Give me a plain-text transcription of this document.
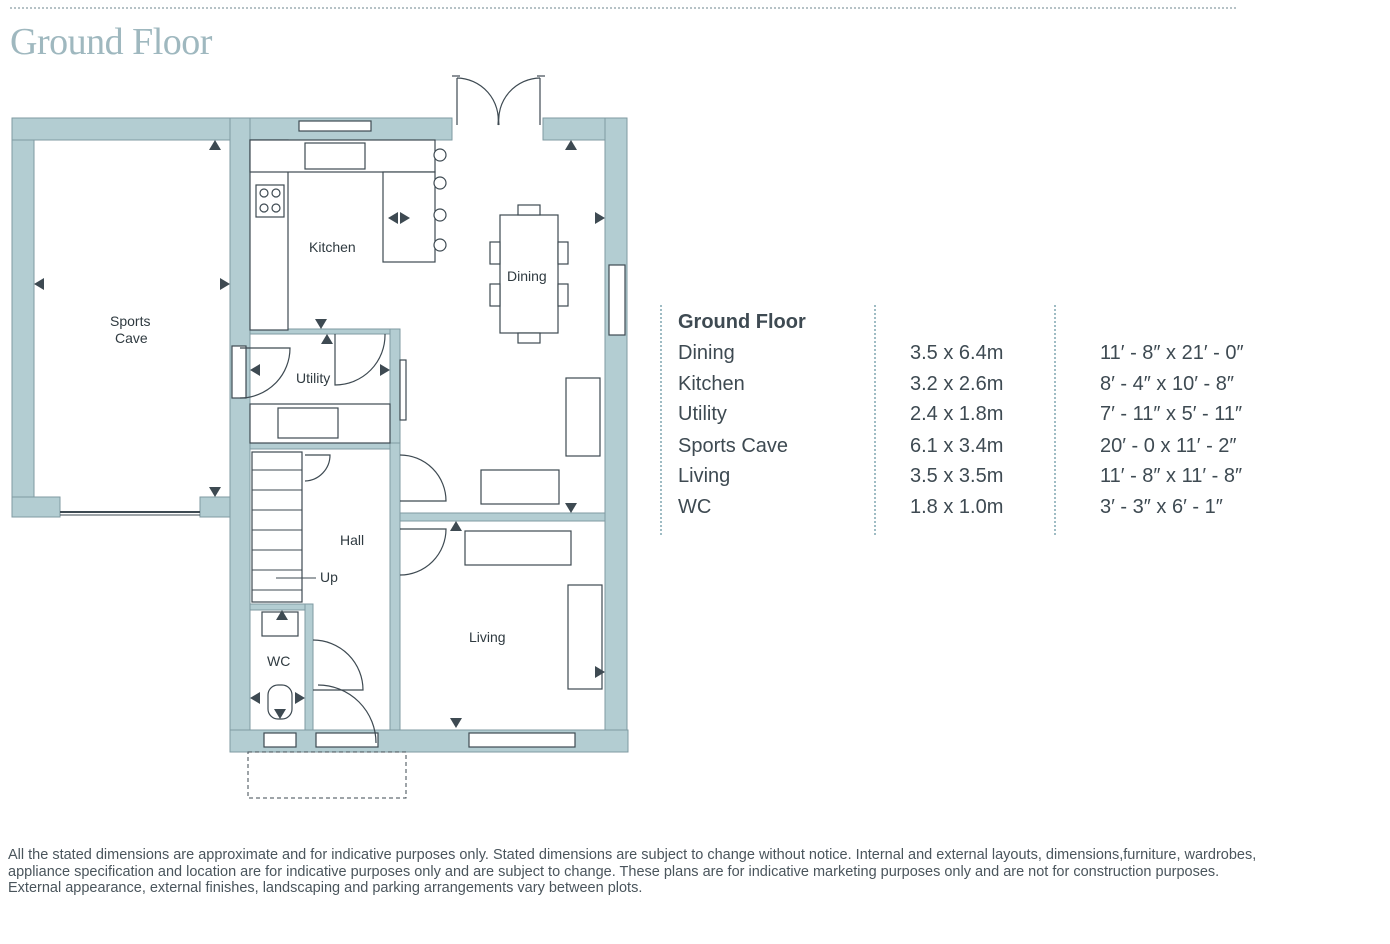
Ground Floor
Sports
Cave
Kitchen
Dining
Utility
Hall
Up
WC
Living
Ground Floor
Dining	3.5 x 6.4m	11′ - 8″ x 21′ - 0″
Kitchen	3.2 x 2.6m	8′ - 4″ x 10′ - 8″
Utility	2.4 x 1.8m	7′ - 11″ x 5′ - 11″
Sports Cave	6.1 x 3.4m	20′ - 0 x 11′ - 2″
Living	3.5 x 3.5m	11′ - 8″ x 11′ - 8″
WC	1.8 x 1.0m	3′ - 3″ x 6′ - 1″
All the stated dimensions are approximate and for indicative purposes only. Stated dimensions are subject to change without notice. Internal and external layouts, dimensions,furniture, wardrobes, appliance specification and location are for indicative purposes only and are subject to change. These plans are for indicative marketing purposes only and are not for construction purposes. External appearance, external finishes, landscaping and parking arrangements vary between plots.
